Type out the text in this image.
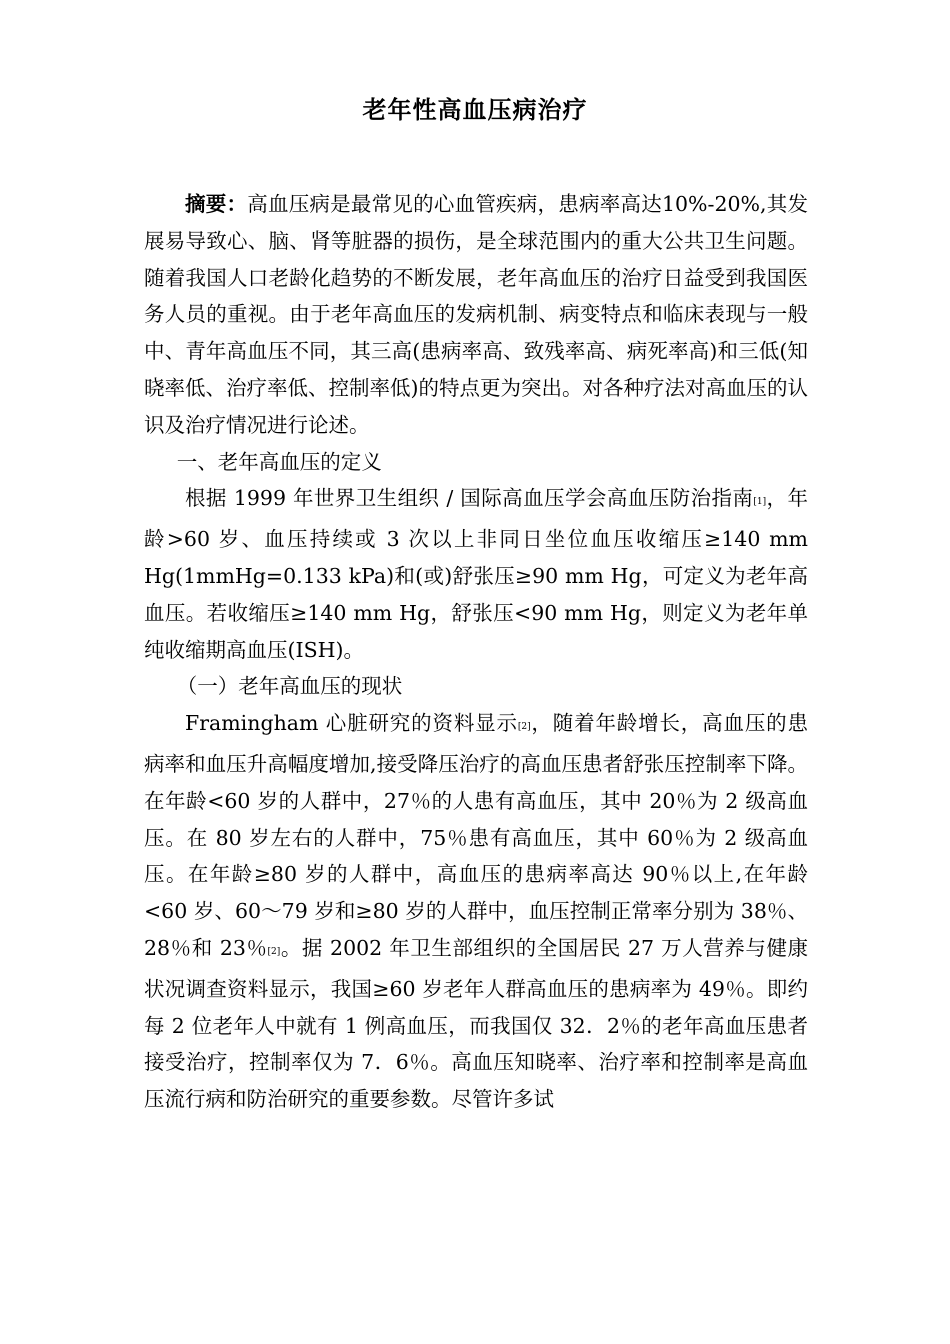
老年性高血压病治疗

摘要：高血压病是最常见的心血管疾病，患病率高达10%-20%,其发展易导致心、脑、肾等脏器的损伤，是全球范围内的重大公共卫生问题。随着我国人口老龄化趋势的不断发展，老年高血压的治疗日益受到我国医务人员的重视。由于老年高血压的发病机制、病变特点和临床表现与一般中、青年高血压不同，其三高(患病率高、致残率高、病死率高)和三低(知晓率低、治疗率低、控制率低)的特点更为突出。对各种疗法对高血压的认识及治疗情况进行论述。

一、老年高血压的定义

根据 1999 年世界卫生组织 / 国际高血压学会高血压防治指南[1]，年龄>60 岁、血压持续或 3 次以上非同日坐位血压收缩压≥140 mm Hg(1mmHg=0.133 kPa)和(或)舒张压≥90 mm Hg，可定义为老年高血压。若收缩压≥140 mm Hg，舒张压<90 mm Hg，则定义为老年单纯收缩期高血压(ISH)。

（一）老年高血压的现状

Framingham 心脏研究的资料显示[2]，随着年龄增长，高血压的患病率和血压升高幅度增加,接受降压治疗的高血压患者舒张压控制率下降。在年龄<60 岁的人群中，27％的人患有高血压，其中 20％为 2 级高血压。在 80 岁左右的人群中，75％患有高血压，其中 60％为 2 级高血压。在年龄≥80 岁的人群中，高血压的患病率高达 90％以上,在年龄<60 岁、60～79 岁和≥80 岁的人群中，血压控制正常率分别为 38％、28％和 23％[2]。据 2002 年卫生部组织的全国居民 27 万人营养与健康状况调查资料显示，我国≥60 岁老年人群高血压的患病率为 49％。即约每 2 位老年人中就有 1 例高血压，而我国仅 32．2％的老年高血压患者接受治疗，控制率仅为 7．6％。高血压知晓率、治疗率和控制率是高血压流行病和防治研究的重要参数。尽管许多试
